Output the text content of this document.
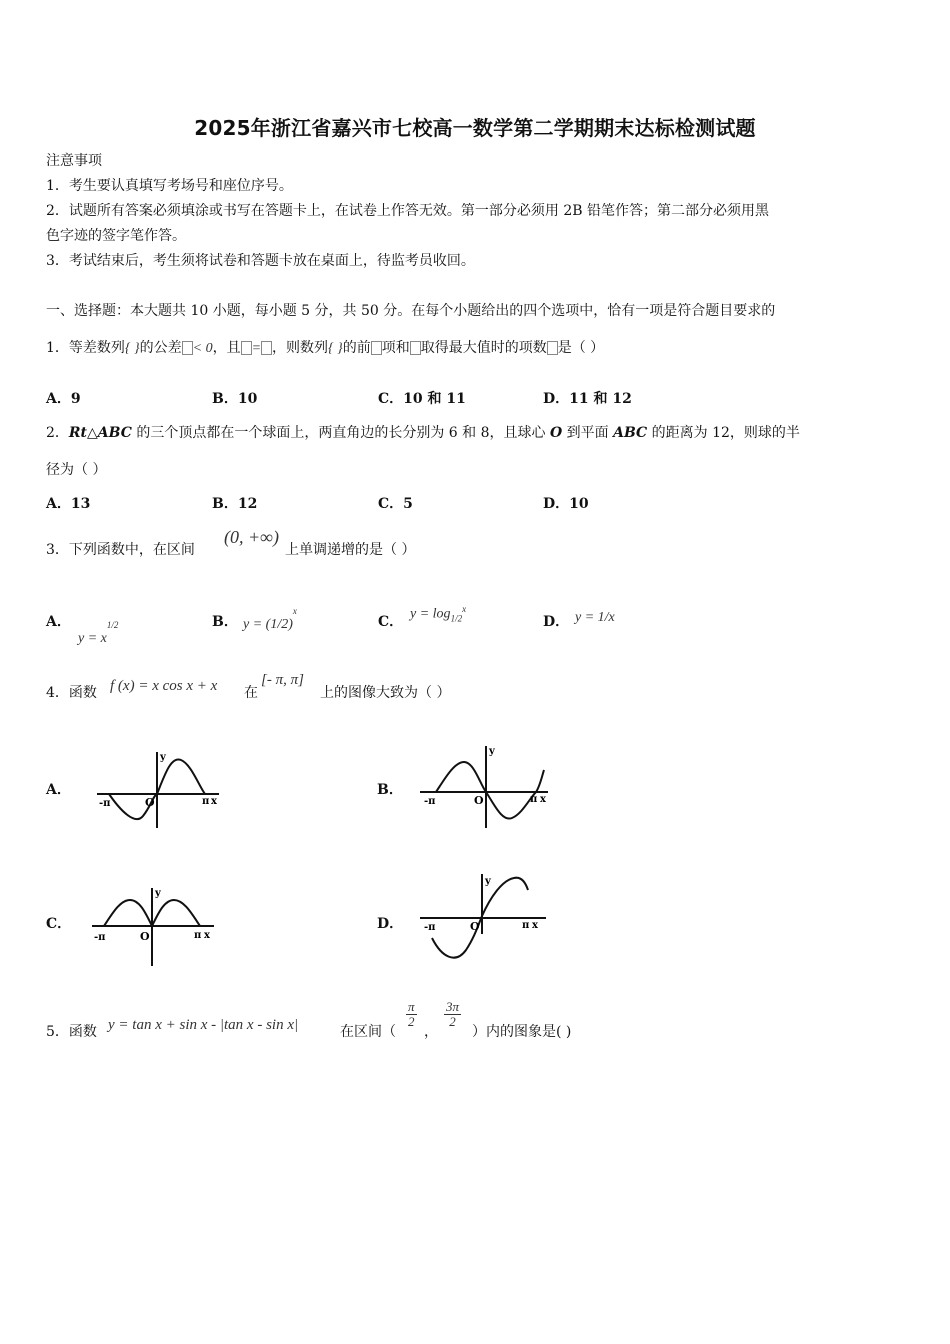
2025年浙江省嘉兴市七校高一数学第二学期期末达标检测试题
注意事项
1．考生要认真填写考场号和座位序号。
2．试题所有答案必须填涂或书写在答题卡上，在试卷上作答无效。第一部分必须用 2B 铅笔作答；第二部分必须用黑
色字迹的签字笔作答。
3．考试结束后，考生须将试卷和答题卡放在桌面上，待监考员收回。
一、选择题：本大题共 10 小题，每小题 5 分，共 50 分。在每个小题给出的四个选项中，恰有一项是符合题目要求的
1．等差数列{ }的公差 < 0，且 = ，则数列{ }的前 项和 取得最大值时的项数 是（ ）
A．9	B．10	C．10 和 11	D．11 和 12
2．Rt△ABC 的三个顶点都在一个球面上，两直角边的长分别为 6 和 8，且球心 O 到平面 ABC 的距离为 12，则球的半
径为（ ）
A．13	B．12	C．5	D．10
3．下列函数中，在区间
(0, +∞)
上单调递增的是（ ）
A．
$y = x^{1/2}$	B． $y = (1/2)^x$
C． $y = \log_{1/2}^x$
D． y = 1/x
4．函数 f (x) = x cos x + x 在
[- π, π]
上的图像大致为（ ）
A．	B．
C．	D．
-π	π x
y
O	-π	π x
y
O
-π	π x
y
O
-π	π x
y
O
5．函数 y = tan x + sin x - |tan x - sin x|	在区间（
$\frac{\pi}{2}$
，
$\frac{3\pi}{2}$
）内的图象是( )
